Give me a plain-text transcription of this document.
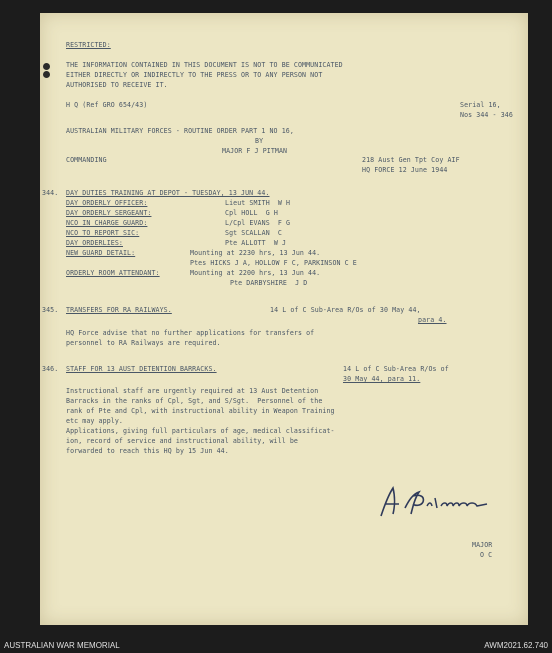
RESTRICTED:
THE INFORMATION CONTAINED IN THIS DOCUMENT IS NOT TO BE COMMUNICATED
EITHER DIRECTLY OR INDIRECTLY TO THE PRESS OR TO ANY PERSON NOT
AUTHORISED TO RECEIVE IT.
H Q (Ref GRO 654/43)	Serial 16,
Nos 344 - 346
AUSTRALIAN MILITARY FORCES - ROUTINE ORDER PART 1 NO 16,
BY
MAJOR F J PITMAN
COMMANDING	218 Aust Gen Tpt Coy AIF
HQ FORCE 12 June 1944
344. DAY DUTIES TRAINING AT DEPOT - TUESDAY, 13 JUN 44.
DAY ORDERLY OFFICER:	Lieut SMITH  W H
DAY ORDERLY SERGEANT:	Cpl HOLL  G H
NCO IN CHARGE GUARD:	L/Cpl EVANS  F G
NCO TO REPORT SIC:	Sgt SCALLAN  C
DAY ORDERLIES:	Pte ALLOTT  W J
NEW GUARD DETAIL:	Mounting at 2230 hrs, 13 Jun 44.
Ptes HICKS J A, HOLLOW F C, PARKINSON C E
ORDERLY ROOM ATTENDANT:	Mounting at 2200 hrs, 13 Jun 44.
Pte DARBYSHIRE  J D
345. TRANSFERS FOR RA RAILWAYS.	14 L of C Sub-Area R/Os of 30 May 44,
para 4.
HQ Force advise that no further applications for transfers of
personnel to RA Railways are required.
346. STAFF FOR 13 AUST DETENTION BARRACKS.	14 L of C Sub-Area R/Os of
30 May 44, para 11.
Instructional staff are urgently required at 13 Aust Detention
Barracks in the ranks of Cpl, Sgt, and S/Sgt.  Personnel of the
rank of Pte and Cpl, with instructional ability in Weapon Training
etc may apply.
Applications, giving full particulars of age, medical classificat-
ion, record of service and instructional ability, will be
forwarded to reach this HQ by 15 Jun 44.
MAJOR
O C
AUSTRALIAN WAR MEMORIAL	AWM2021.62.740
